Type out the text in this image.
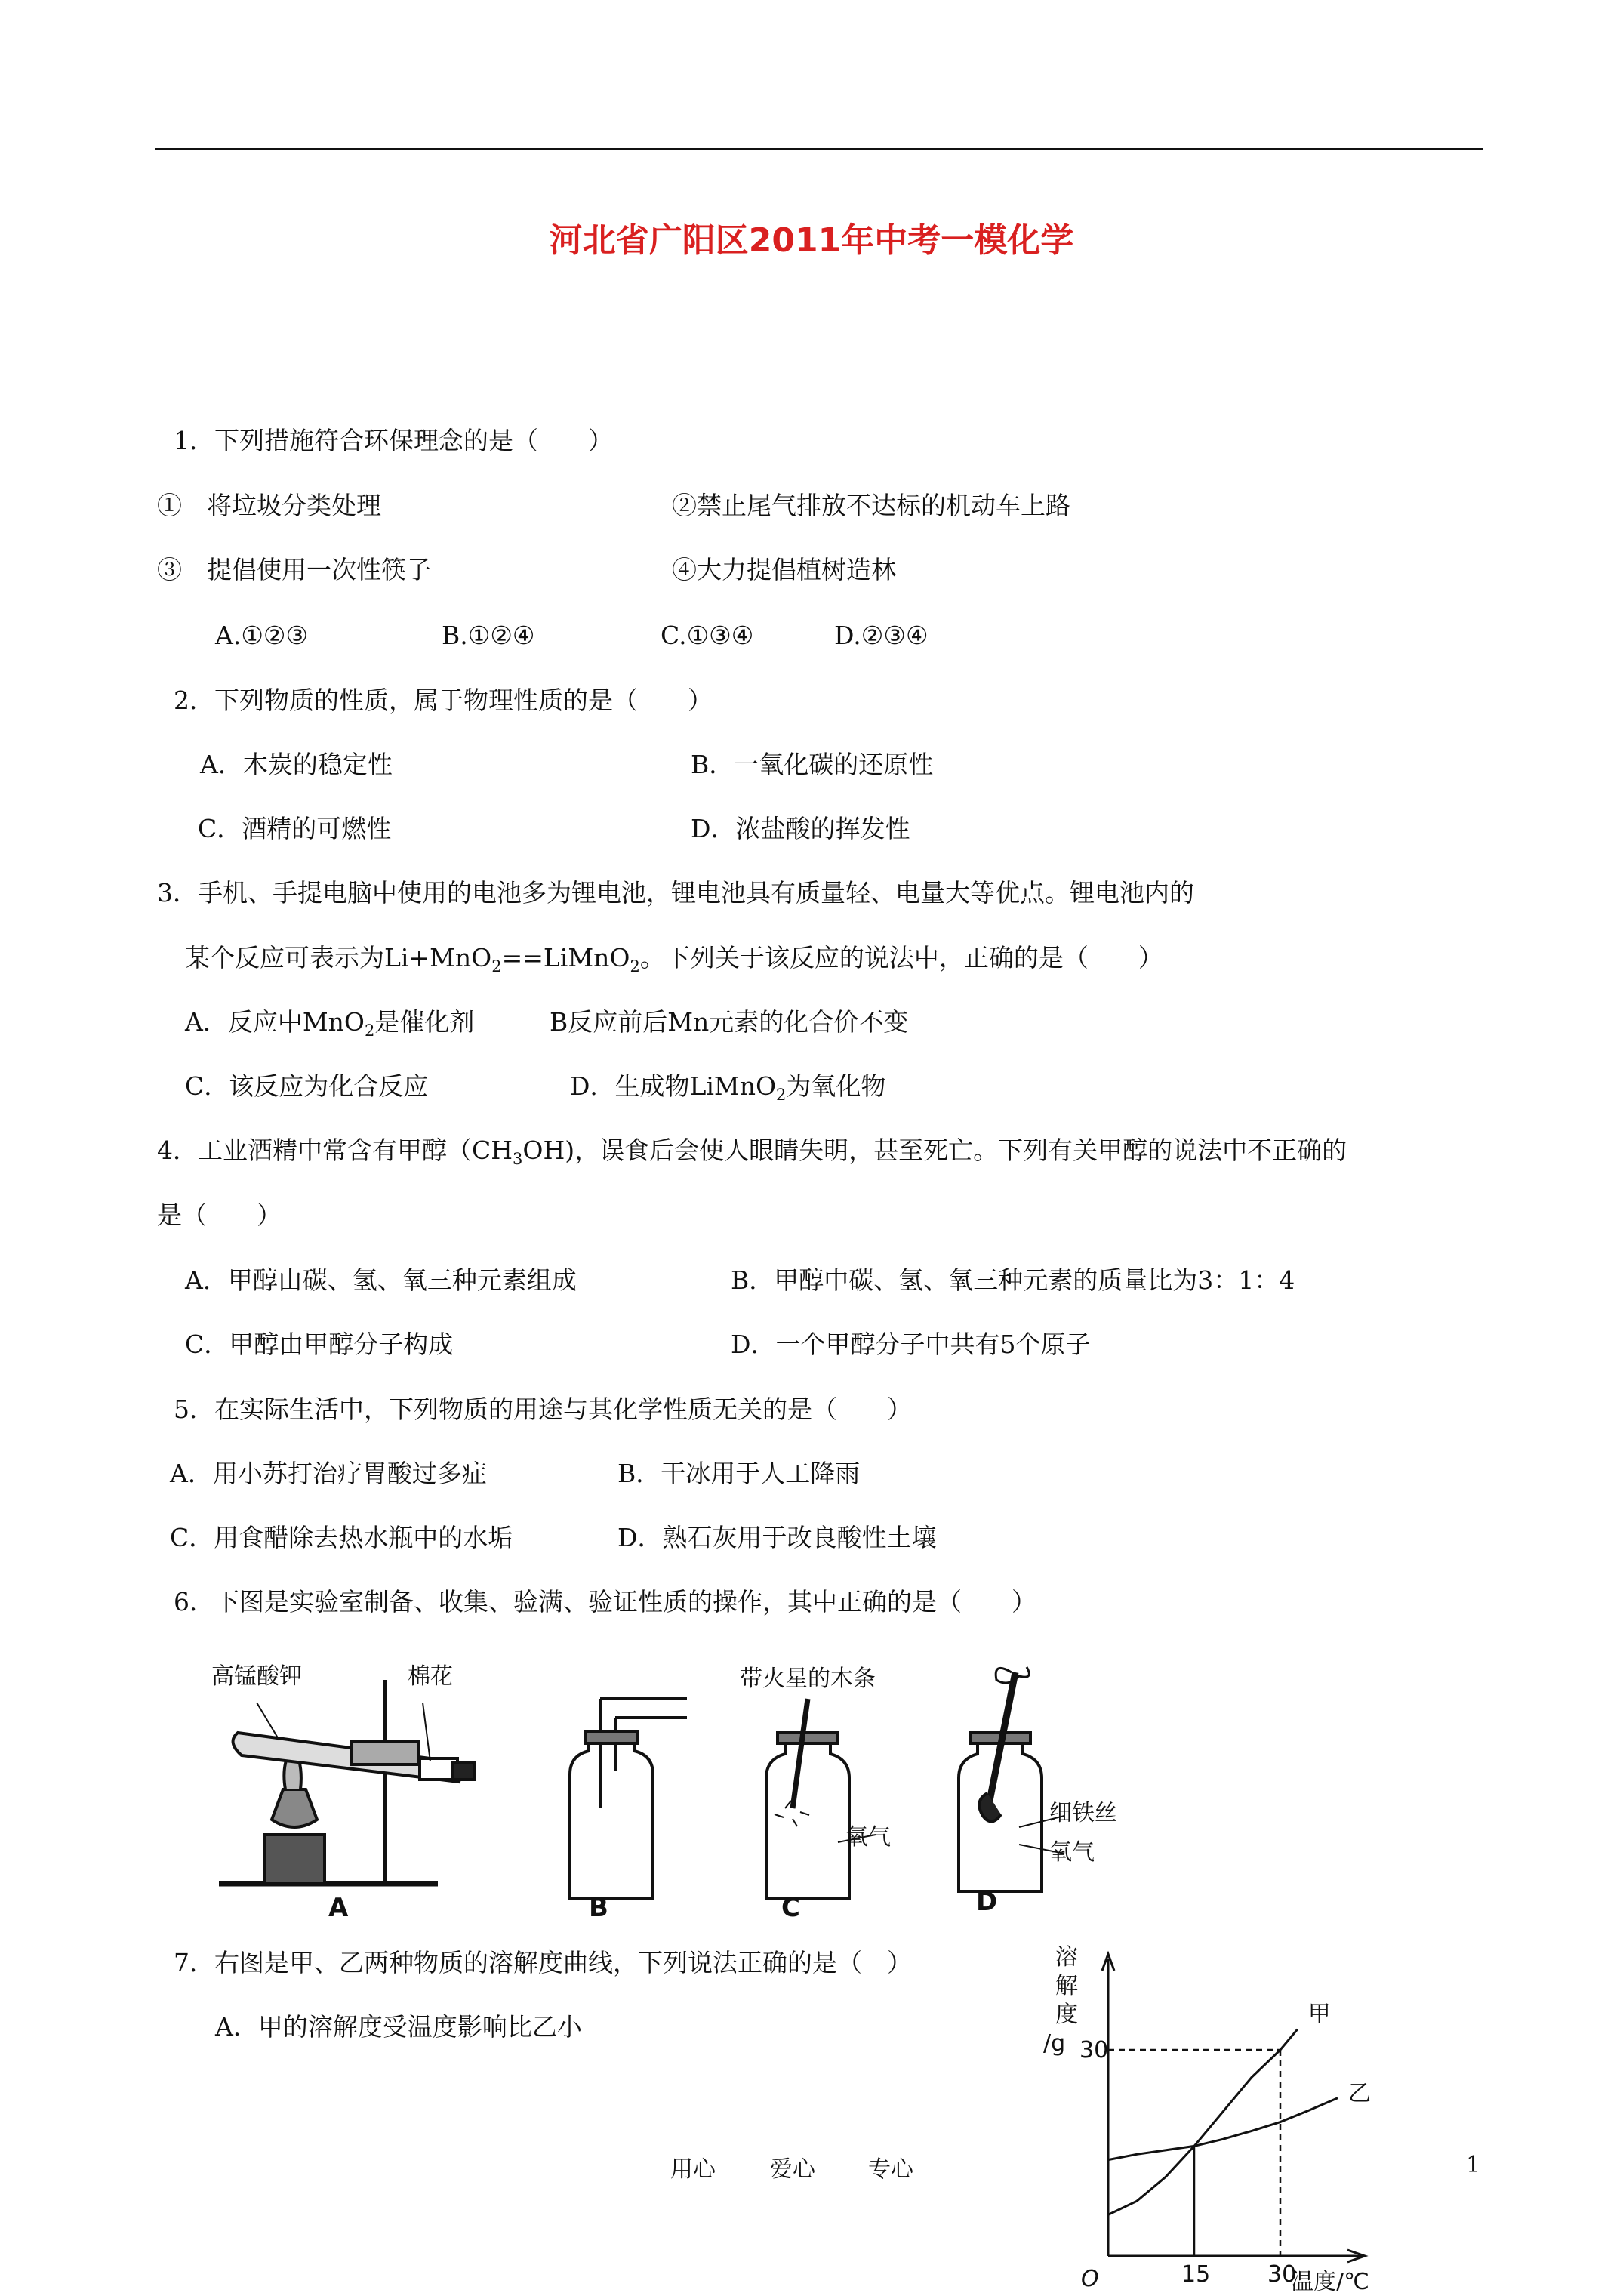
河北省广阳区2011年中考一模化学
1．下列措施符合环保理念的是（　　）
①　将垃圾分类处理	②禁止尾气排放不达标的机动车上路
③　提倡使用一次性筷子	④大力提倡植树造林
A.①②③	B.①②④	C.①③④	D.②③④
2．下列物质的性质，属于物理性质的是（　　）
A．木炭的稳定性	B．一氧化碳的还原性
C．酒精的可燃性	D．浓盐酸的挥发性
3．手机、手提电脑中使用的电池多为锂电池，锂电池具有质量轻、电量大等优点。锂电池内的
某个反应可表示为Li+MnO$_2$==LiMnO$_2$。下列关于该反应的说法中，正确的是（　　）
A．反应中MnO$_2$是催化剂	B反应前后Mn元素的化合价不变
C．该反应为化合反应	D．生成物LiMnO$_2$为氧化物
4．工业酒精中常含有甲醇$(CH_3OH)$，误食后会使人眼睛失明，甚至死亡。下列有关甲醇的说法中不正确的
是（　　）
A．甲醇由碳、氢、氧三种元素组成	B．甲醇中碳、氢、氧三种元素的质量比为3：1：4
C．甲醇由甲醇分子构成	D．一个甲醇分子中共有5个原子
5．在实际生活中，下列物质的用途与其化学性质无关的是（　　）
A．用小苏打治疗胃酸过多症	B．干冰用于人工降雨
C．用食醋除去热水瓶中的水垢	D．熟石灰用于改良酸性土壤
6．下图是实验室制备、收集、验满、验证性质的操作，其中正确的是（　　）
高锰酸钾	棉花	带火星的木条
氧气
细铁丝
氧气
A	B	C	D
7．右图是甲、乙两种物质的溶解度曲线，下列说法正确的是（　）
A．甲的溶解度受温度影响比乙小	甲
乙
15	30
30
溶解度/g
O	温度/℃
用心 爱心 专心	1
